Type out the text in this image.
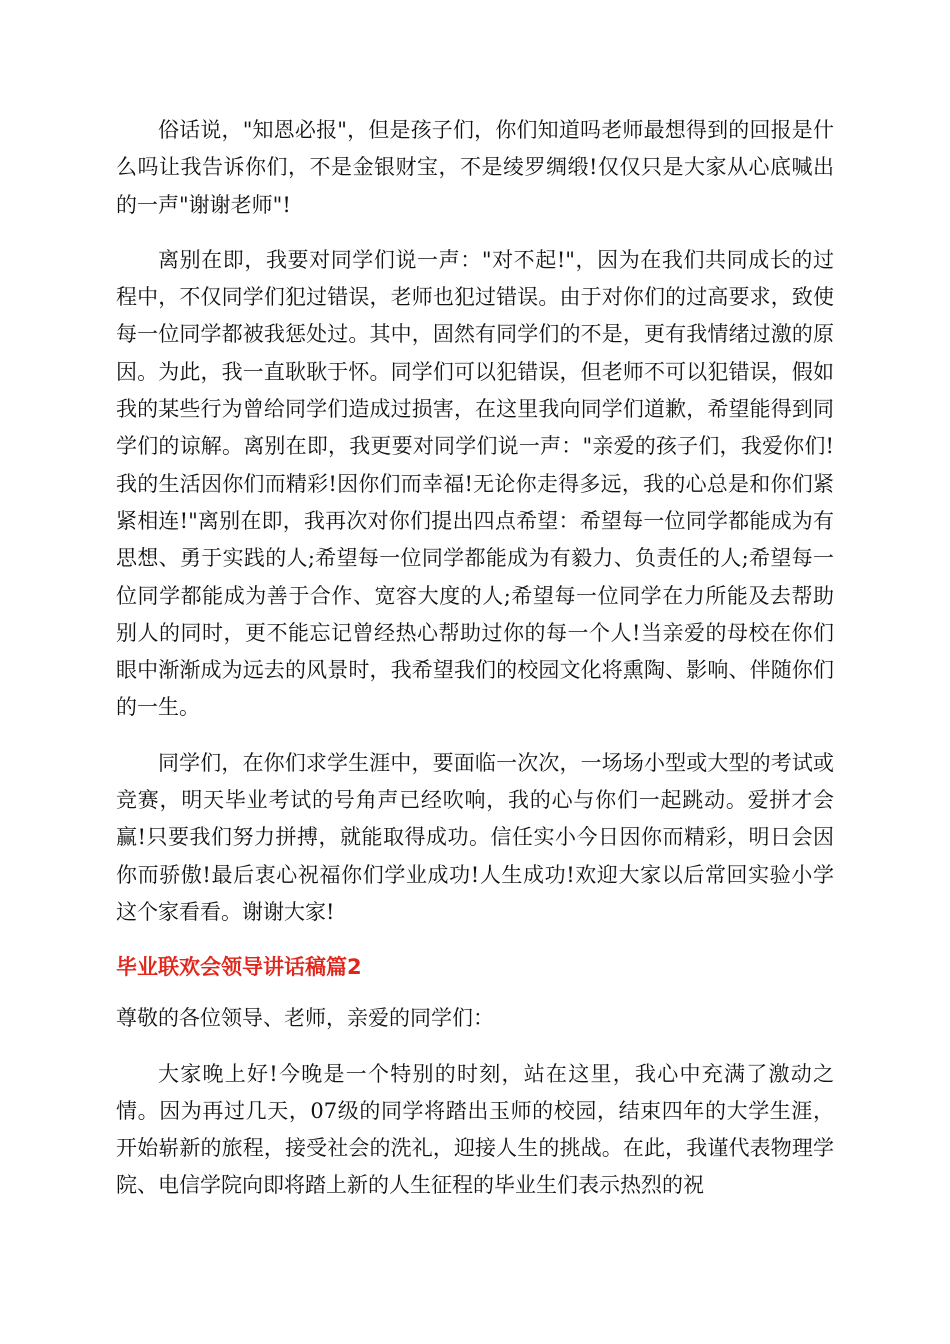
俗话说，"知恩必报"，但是孩子们，你们知道吗老师最想得到的回报是什么吗让我告诉你们，不是金银财宝，不是绫罗绸缎!仅仅只是大家从心底喊出的一声"谢谢老师"!

离别在即，我要对同学们说一声："对不起!"，因为在我们共同成长的过程中，不仅同学们犯过错误，老师也犯过错误。由于对你们的过高要求，致使每一位同学都被我惩处过。其中，固然有同学们的不是，更有我情绪过激的原因。为此，我一直耿耿于怀。同学们可以犯错误，但老师不可以犯错误，假如我的某些行为曾给同学们造成过损害，在这里我向同学们道歉，希望能得到同学们的谅解。离别在即，我更要对同学们说一声："亲爱的孩子们，我爱你们!我的生活因你们而精彩!因你们而幸福!无论你走得多远，我的心总是和你们紧紧相连!"离别在即，我再次对你们提出四点希望：希望每一位同学都能成为有思想、勇于实践的人;希望每一位同学都能成为有毅力、负责任的人;希望每一位同学都能成为善于合作、宽容大度的人;希望每一位同学在力所能及去帮助别人的同时，更不能忘记曾经热心帮助过你的每一个人!当亲爱的母校在你们眼中渐渐成为远去的风景时，我希望我们的校园文化将熏陶、影响、伴随你们的一生。

同学们，在你们求学生涯中，要面临一次次，一场场小型或大型的考试或竞赛，明天毕业考试的号角声已经吹响，我的心与你们一起跳动。爱拼才会赢!只要我们努力拼搏，就能取得成功。信任实小今日因你而精彩，明日会因你而骄傲!最后衷心祝福你们学业成功!人生成功!欢迎大家以后常回实验小学这个家看看。谢谢大家!

毕业联欢会领导讲话稿篇2

尊敬的各位领导、老师，亲爱的同学们：

大家晚上好!今晚是一个特别的时刻，站在这里，我心中充满了激动之情。因为再过几天，07级的同学将踏出玉师的校园，结束四年的大学生涯，开始崭新的旅程，接受社会的洗礼，迎接人生的挑战。在此，我谨代表物理学院、电信学院向即将踏上新的人生征程的毕业生们表示热烈的祝
